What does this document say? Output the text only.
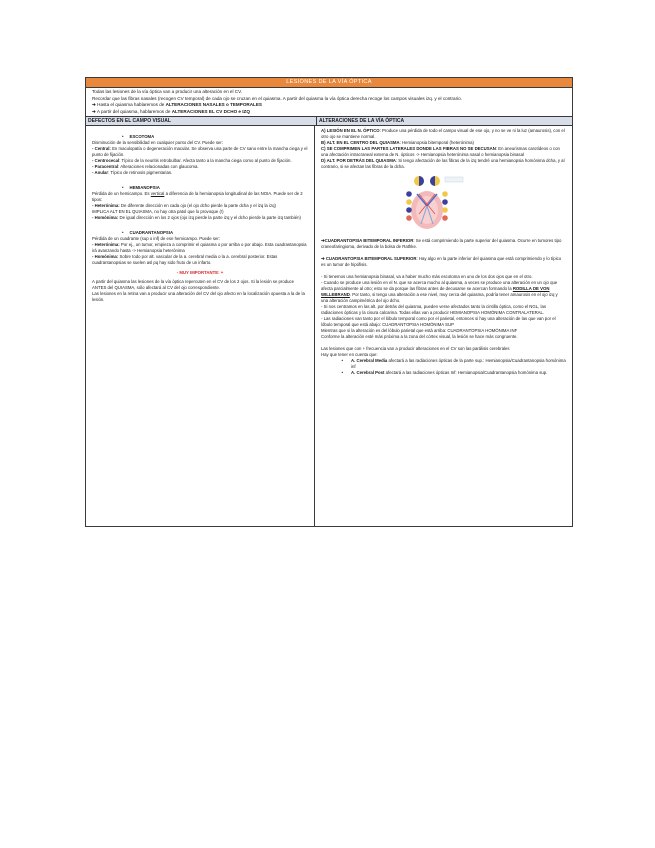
LESIONES DE LA VÍA ÓPTICA

Todas las lesiones de la vía óptica van a producir una alteración en el CV.

Recordar que las fibras nasales (recogen CV temporal) de cada ojo se cruzan en el quiasma. A partir del quiasma la vía óptica derecha recoge los campos visuales izq. y el contrario.

➔ Hasta el quiasma hablaremos de ALTERACIONES NASALES o TEMPORALES

➔ A partir del quiasma, hablaremos de ALTERACIONES EL CV DCHO e IZQ

DEFECTOS EN EL CAMPO VISUAL	ALTERACIONES DE LA VÍA ÓPTICA

•     ESCOTOMA

Disminución de la sensibilidad en cualquier punto del CV. Puede ser:

- Central: En maculopatía o degeneración macular. Se observa una parte de CV sano entre la mancha ciega y el punto de fijación.

- Centrocecal: Típico de la neuritis retrobulbar. Afecta tanto a la mancha ciega como al punto de fijación.

- Paracentral: Alteraciones relacionadas con glaucoma.

- Anular: Típico de retinosis pigmentarias.

•     HEMIANOPSIA

Pérdida de un hemicampo. Es vertical a diferencia de la hemianopsia longitudinal de las NOIA. Puede ser de 2 tipos:

- Heterónima: De diferente dirección en cada ojo (el ojo dcho pierde la parte dcha y el izq la izq)

IMPLICA ALT EN EL QUIASMA, no hay otra patol que lo provoque (!)

- Homónima: De igual dirección en los 2 ojos (ojo izq pierde la parte izq y el dcho pierde la parte izq también)

•     CUADRANTANOPSIA

Pérdida de un cuadrante (sup o inf) de ese hemicampo. Puede ser:

- Heterónima: Por ej., un tumor, empieza a comprimir el quiasma o por arriba o por abajo. Esta cuadrantanopsia irá avanzando hasta -> Hemianopsia heterónima

- Homónima: Sobre todo por alt. vascular de la a. cerebral media o la a. cerebral posterior. Estas cuadrantanopsias se suelen asl pq hay sido fruto de un infarto.

- MUY IMPORTANTE: +

A partir del quiasma las lesiones de la vía óptica repercuten en el CV de los 2 ojos. Si la lesión se produce ANTES del QUIASMA, sólo afectará al CV del ojo correspondiente.

Las lesiones en la retina van a producir una alteración del CV del ojo afecto en la localización opuesta a la de la lesión.

A) LESIÓN EN EL N. ÓPTICO: Produce una pérdida de todo el campo visual de ese ojo, y no se ve ni la luz (amaurosis), con el otro ojo se mantiene normal.

B) ALT. EN EL CENTRO DEL QUIASMA: Hemianopsia bitemporal (heterónima)

C) SE COMPRIMEN LAS PARTES LATERALES DONDE LAS FIBRAS NO SE DECUSAN: En aneurismas carotídeos o con una afectación intracraneal externa de N. ópticos -> Hemianopsia heterónima nasal o hemianopsia binasal

D) ALT. POR DETRÁS DEL QUIASMA: Si tengo afectación de las fibras de la izq tendré una hemianopsia homónima dcha, y al contrario, si se afectan las fibras de la dcha.

➔CUADRANTOPSIA BITEMPORAL INFERIOR: Se está comprimiendo la parte superior del quiasma. Ocurre en tumores tipo craneofaringioma, derivado de la bolsa de Rathke.

➔ CUADRANTOPSIA BITEMPORAL SUPERIOR: Hay algo en la parte inferior del quiasma que está comprimiendo y lo típico es un tumor de hipófisis.

- Si tenemos una hemianopsia binasal, va a haber mucho más escotoma en uno de los dos ojos que en el otro.

- Cuando se produce una lesión en el N. que se acerca mucho al quiasma, a veces se produce una alteración en un ojo que afecta parcialmente al otro; esto se da porque las fibras antes de decusarse se acercan formando la RODILLA DE VON WILLEBRAND. Por tanto, si tengo una alteración a ese nivel, muy cerca del quiasma, podría tener amaurosis en el ojo izq y una alteración campimétrica del ojo dcho.

- Si nos centramos en las alt. por detrás del quiasma, pueden verse afectados tanto la cintilla óptica, como el NGL, las radiaciones ópticas y la cisura calcarina. Todas ellas van a producir HEMIANOPSIA HOMÓNIMA CONTRALATERAL.

- Las radiaciones van tanto por el lóbulo temporal como por el parietal, entonces si hay una alteración de las que van por el lóbulo temporal que está abajo: CUADRANTOPSIA HOMÓNIMA SUP

Mientras que si la alteración es del lóbulo parietal que está arriba: CUADRANTOPSIA HOMÓNIMA INF

Conforme la alteración esté más próxima a la zona del córtex visual, la lesión se hace más congruente.

Las lesiones que con + frecuencia van a producir alteraciones en el CV son las parálisis cerebrales

Hay que tener en cuenta que:

•	A. Cerebral Media afectará a las radiaciones ópticas de la parte sup.: Hemianopsia/Cuadrantanopsia homónima inf
•	A. Cerebral Post afectará a las radiaciones ópticas Inf: Hemianopsia/Cuadrantanopsia homónima sup.
